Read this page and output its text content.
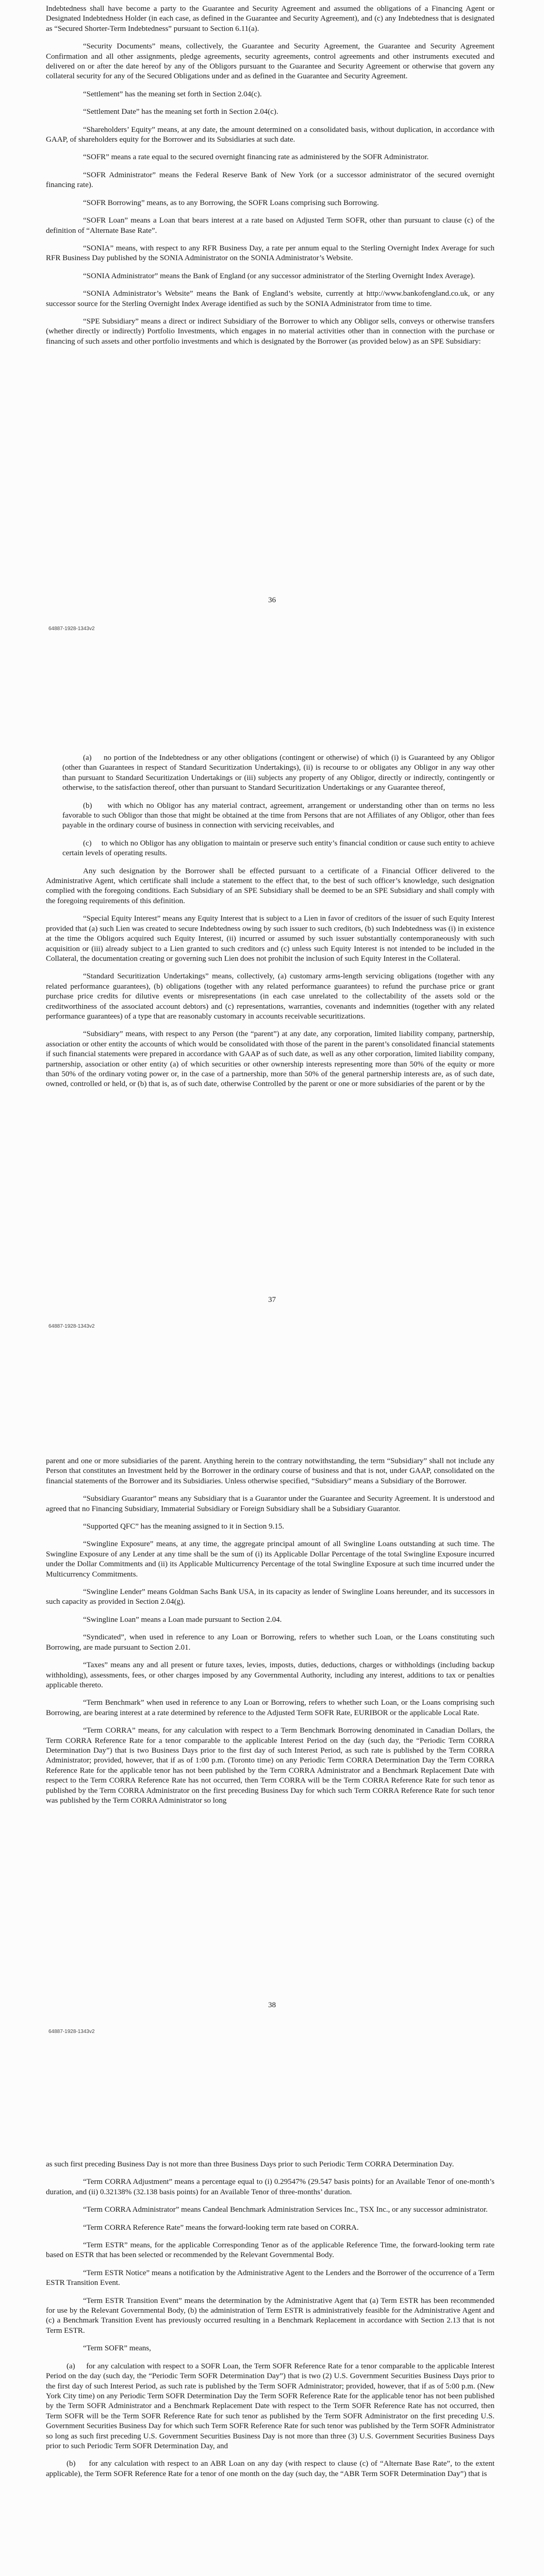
Indebtedness shall have become a party to the Guarantee and Security Agreement and assumed the obligations of a Financing Agent or Designated Indebtedness Holder (in each case, as defined in the Guarantee and Security Agreement), and (c) any Indebtedness that is designated as “Secured Shorter-Term Indebtedness” pursuant to Section 6.11(a).

“Security Documents” means, collectively, the Guarantee and Security Agreement, the Guarantee and Security Agreement Confirmation and all other assignments, pledge agreements, security agreements, control agreements and other instruments executed and delivered on or after the date hereof by any of the Obligors pursuant to the Guarantee and Security Agreement or otherwise that govern any collateral security for any of the Secured Obligations under and as defined in the Guarantee and Security Agreement.

“Settlement” has the meaning set forth in Section 2.04(c).

“Settlement Date” has the meaning set forth in Section 2.04(c).

“Shareholders’ Equity” means, at any date, the amount determined on a consolidated basis, without duplication, in accordance with GAAP, of shareholders equity for the Borrower and its Subsidiaries at such date.

“SOFR” means a rate equal to the secured overnight financing rate as administered by the SOFR Administrator.

“SOFR Administrator” means the Federal Reserve Bank of New York (or a successor administrator of the secured overnight financing rate).

“SOFR Borrowing” means, as to any Borrowing, the SOFR Loans comprising such Borrowing.

“SOFR Loan” means a Loan that bears interest at a rate based on Adjusted Term SOFR, other than pursuant to clause (c) of the definition of “Alternate Base Rate”.

“SONIA” means, with respect to any RFR Business Day, a rate per annum equal to the Sterling Overnight Index Average for such RFR Business Day published by the SONIA Administrator on the SONIA Administrator’s Website.

“SONIA Administrator” means the Bank of England (or any successor administrator of the Sterling Overnight Index Average).

“SONIA Administrator’s Website” means the Bank of England’s website, currently at http://www.bankofengland.co.uk, or any successor source for the Sterling Overnight Index Average identified as such by the SONIA Administrator from time to time.

“SPE Subsidiary” means a direct or indirect Subsidiary of the Borrower to which any Obligor sells, conveys or otherwise transfers (whether directly or indirectly) Portfolio Investments, which engages in no material activities other than in connection with the purchase or financing of such assets and other portfolio investments and which is designated by the Borrower (as provided below) as an SPE Subsidiary:

36
64887-1928-1343v2

(a)     no portion of the Indebtedness or any other obligations (contingent or otherwise) of which (i) is Guaranteed by any Obligor (other than Guarantees in respect of Standard Securitization Undertakings), (ii) is recourse to or obligates any Obligor in any way other than pursuant to Standard Securitization Undertakings or (iii) subjects any property of any Obligor, directly or indirectly, contingently or otherwise, to the satisfaction thereof, other than pursuant to Standard Securitization Undertakings or any Guarantee thereof,

(b)     with which no Obligor has any material contract, agreement, arrangement or understanding other than on terms no less favorable to such Obligor than those that might be obtained at the time from Persons that are not Affiliates of any Obligor, other than fees payable in the ordinary course of business in connection with servicing receivables, and

(c)     to which no Obligor has any obligation to maintain or preserve such entity’s financial condition or cause such entity to achieve certain levels of operating results.

Any such designation by the Borrower shall be effected pursuant to a certificate of a Financial Officer delivered to the Administrative Agent, which certificate shall include a statement to the effect that, to the best of such officer’s knowledge, such designation complied with the foregoing conditions. Each Subsidiary of an SPE Subsidiary shall be deemed to be an SPE Subsidiary and shall comply with the foregoing requirements of this definition.

“Special Equity Interest” means any Equity Interest that is subject to a Lien in favor of creditors of the issuer of such Equity Interest provided that (a) such Lien was created to secure Indebtedness owing by such issuer to such creditors, (b) such Indebtedness was (i) in existence at the time the Obligors acquired such Equity Interest, (ii) incurred or assumed by such issuer substantially contemporaneously with such acquisition or (iii) already subject to a Lien granted to such creditors and (c) unless such Equity Interest is not intended to be included in the Collateral, the documentation creating or governing such Lien does not prohibit the inclusion of such Equity Interest in the Collateral.

“Standard Securitization Undertakings” means, collectively, (a) customary arms-length servicing obligations (together with any related performance guarantees), (b) obligations (together with any related performance guarantees) to refund the purchase price or grant purchase price credits for dilutive events or misrepresentations (in each case unrelated to the collectability of the assets sold or the creditworthiness of the associated account debtors) and (c) representations, warranties, covenants and indemnities (together with any related performance guarantees) of a type that are reasonably customary in accounts receivable securitizations.

“Subsidiary” means, with respect to any Person (the “parent”) at any date, any corporation, limited liability company, partnership, association or other entity the accounts of which would be consolidated with those of the parent in the parent’s consolidated financial statements if such financial statements were prepared in accordance with GAAP as of such date, as well as any other corporation, limited liability company, partnership, association or other entity (a) of which securities or other ownership interests representing more than 50% of the equity or more than 50% of the ordinary voting power or, in the case of a partnership, more than 50% of the general partnership interests are, as of such date, owned, controlled or held, or (b) that is, as of such date, otherwise Controlled by the parent or one or more subsidiaries of the parent or by the

37
64887-1928-1343v2

parent and one or more subsidiaries of the parent. Anything herein to the contrary notwithstanding, the term “Subsidiary” shall not include any Person that constitutes an Investment held by the Borrower in the ordinary course of business and that is not, under GAAP, consolidated on the financial statements of the Borrower and its Subsidiaries. Unless otherwise specified, “Subsidiary” means a Subsidiary of the Borrower.

“Subsidiary Guarantor” means any Subsidiary that is a Guarantor under the Guarantee and Security Agreement. It is understood and agreed that no Financing Subsidiary, Immaterial Subsidiary or Foreign Subsidiary shall be a Subsidiary Guarantor.

“Supported QFC” has the meaning assigned to it in Section 9.15.

“Swingline Exposure” means, at any time, the aggregate principal amount of all Swingline Loans outstanding at such time. The Swingline Exposure of any Lender at any time shall be the sum of (i) its Applicable Dollar Percentage of the total Swingline Exposure incurred under the Dollar Commitments and (ii) its Applicable Multicurrency Percentage of the total Swingline Exposure at such time incurred under the Multicurrency Commitments.

“Swingline Lender” means Goldman Sachs Bank USA, in its capacity as lender of Swingline Loans hereunder, and its successors in such capacity as provided in Section 2.04(g).

“Swingline Loan” means a Loan made pursuant to Section 2.04.

“Syndicated”, when used in reference to any Loan or Borrowing, refers to whether such Loan, or the Loans constituting such Borrowing, are made pursuant to Section 2.01.

“Taxes” means any and all present or future taxes, levies, imposts, duties, deductions, charges or withholdings (including backup withholding), assessments, fees, or other charges imposed by any Governmental Authority, including any interest, additions to tax or penalties applicable thereto.

“Term Benchmark” when used in reference to any Loan or Borrowing, refers to whether such Loan, or the Loans comprising such Borrowing, are bearing interest at a rate determined by reference to the Adjusted Term SOFR Rate, EURIBOR or the applicable Local Rate.

“Term CORRA” means, for any calculation with respect to a Term Benchmark Borrowing denominated in Canadian Dollars, the Term CORRA Reference Rate for a tenor comparable to the applicable Interest Period on the day (such day, the “Periodic Term CORRA Determination Day”) that is two Business Days prior to the first day of such Interest Period, as such rate is published by the Term CORRA Administrator; provided, however, that if as of 1:00 p.m. (Toronto time) on any Periodic Term CORRA Determination Day the Term CORRA Reference Rate for the applicable tenor has not been published by the Term CORRA Administrator and a Benchmark Replacement Date with respect to the Term CORRA Reference Rate has not occurred, then Term CORRA will be the Term CORRA Reference Rate for such tenor as published by the Term CORRA Administrator on the first preceding Business Day for which such Term CORRA Reference Rate for such tenor was published by the Term CORRA Administrator so long

38
64887-1928-1343v2

as such first preceding Business Day is not more than three Business Days prior to such Periodic Term CORRA Determination Day.

“Term CORRA Adjustment” means a percentage equal to (i) 0.29547% (29.547 basis points) for an Available Tenor of one-month’s duration, and (ii) 0.32138% (32.138 basis points) for an Available Tenor of three-months’ duration.

“Term CORRA Administrator” means Candeal Benchmark Administration Services Inc., TSX Inc., or any successor administrator.

“Term CORRA Reference Rate” means the forward-looking term rate based on CORRA.

“Term ESTR” means, for the applicable Corresponding Tenor as of the applicable Reference Time, the forward-looking term rate based on ESTR that has been selected or recommended by the Relevant Governmental Body.

“Term ESTR Notice” means a notification by the Administrative Agent to the Lenders and the Borrower of the occurrence of a Term ESTR Transition Event.

“Term ESTR Transition Event” means the determination by the Administrative Agent that (a) Term ESTR has been recommended for use by the Relevant Governmental Body, (b) the administration of Term ESTR is administratively feasible for the Administrative Agent and (c) a Benchmark Transition Event has previously occurred resulting in a Benchmark Replacement in accordance with Section 2.13 that is not Term ESTR.

“Term SOFR” means,

(a)     for any calculation with respect to a SOFR Loan, the Term SOFR Reference Rate for a tenor comparable to the applicable Interest Period on the day (such day, the “Periodic Term SOFR Determination Day”) that is two (2) U.S. Government Securities Business Days prior to the first day of such Interest Period, as such rate is published by the Term SOFR Administrator; provided, however, that if as of 5:00 p.m. (New York City time) on any Periodic Term SOFR Determination Day the Term SOFR Reference Rate for the applicable tenor has not been published by the Term SOFR Administrator and a Benchmark Replacement Date with respect to the Term SOFR Reference Rate has not occurred, then Term SOFR will be the Term SOFR Reference Rate for such tenor as published by the Term SOFR Administrator on the first preceding U.S. Government Securities Business Day for which such Term SOFR Reference Rate for such tenor was published by the Term SOFR Administrator so long as such first preceding U.S. Government Securities Business Day is not more than three (3) U.S. Government Securities Business Days prior to such Periodic Term SOFR Determination Day, and

(b)     for any calculation with respect to an ABR Loan on any day (with respect to clause (c) of “Alternate Base Rate”, to the extent applicable), the Term SOFR Reference Rate for a tenor of one month on the day (such day, the “ABR Term SOFR Determination Day”) that is
